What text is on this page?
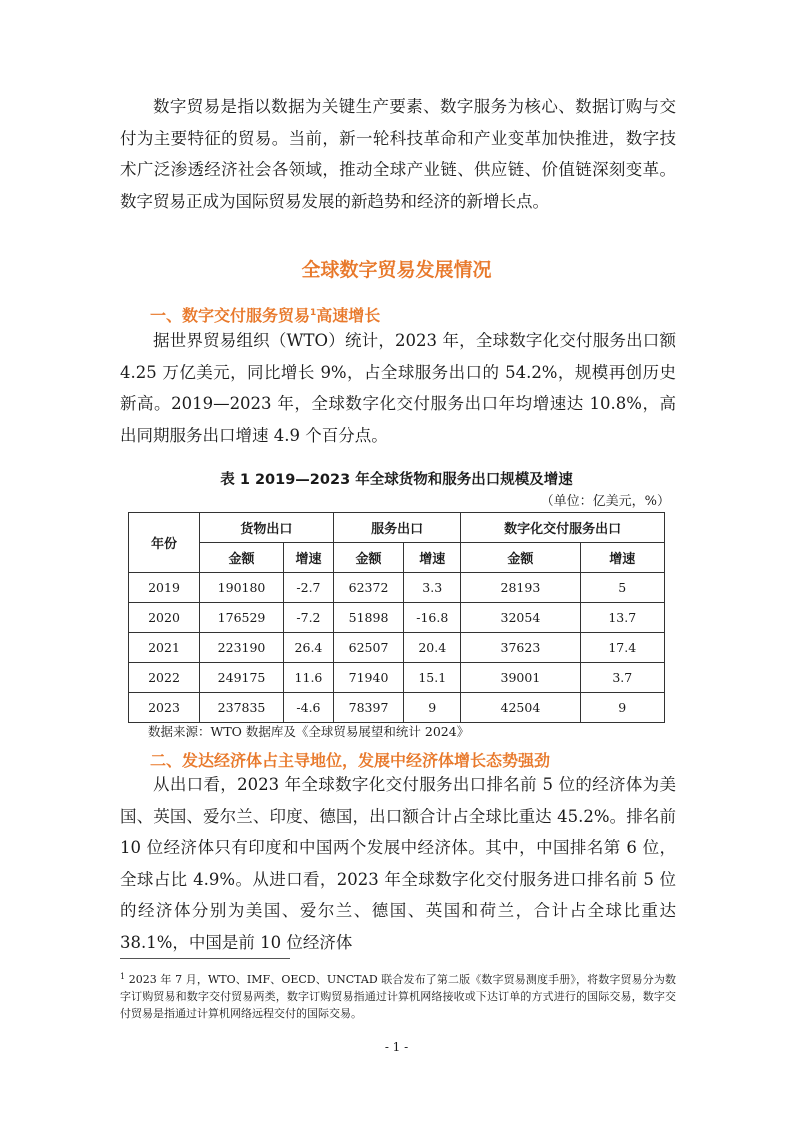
数字贸易是指以数据为关键生产要素、数字服务为核心、数据订购与交付为主要特征的贸易。当前，新一轮科技革命和产业变革加快推进，数字技术广泛渗透经济社会各领域，推动全球产业链、供应链、价值链深刻变革。数字贸易正成为国际贸易发展的新趋势和经济的新增长点。

全球数字贸易发展情况
一、数字交付服务贸易$^1$高速增长

据世界贸易组织（WTO）统计，2023 年，全球数字化交付服务出口额 4.25 万亿美元，同比增长 9%，占全球服务出口的 54.2%，规模再创历史新高。2019—2023 年，全球数字化交付服务出口年均增速达 10.8%，高出同期服务出口增速 4.9 个百分点。

表 1 2019—2023 年全球货物和服务出口规模及增速

（单位：亿美元，%）

年份	货物出口		服务出口		数字化交付服务出口	
	金额	增速	金额	增速	金额	增速
2019	190180	-2.7	62372	3.3	28193	5
2020	176529	-7.2	51898	-16.8	32054	13.7
2021	223190	26.4	62507	20.4	37623	17.4
2022	249175	11.6	71940	15.1	39001	3.7
2023	237835	-4.6	78397	9	42504	9

数据来源：WTO 数据库及《全球贸易展望和统计 2024》

二、发达经济体占主导地位，发展中经济体增长态势强劲

从出口看，2023 年全球数字化交付服务出口排名前 5 位的经济体为美国、英国、爱尔兰、印度、德国，出口额合计占全球比重达 45.2%。排名前 10 位经济体只有印度和中国两个发展中经济体。其中，中国排名第 6 位，全球占比 4.9%。从进口看，2023 年全球数字化交付服务进口排名前 5 位的经济体分别为美国、爱尔兰、德国、英国和荷兰，合计占全球比重达 38.1%，中国是前 10 位经济体

$^1$ 2023 年 7 月，WTO、IMF、OECD、UNCTAD 联合发布了第二版《数字贸易测度手册》，将数字贸易分为数字订购贸易和数字交付贸易两类，数字订购贸易指通过计算机网络接收或下达订单的方式进行的国际交易，数字交付贸易是指通过计算机网络远程交付的国际交易。

- 1 -
